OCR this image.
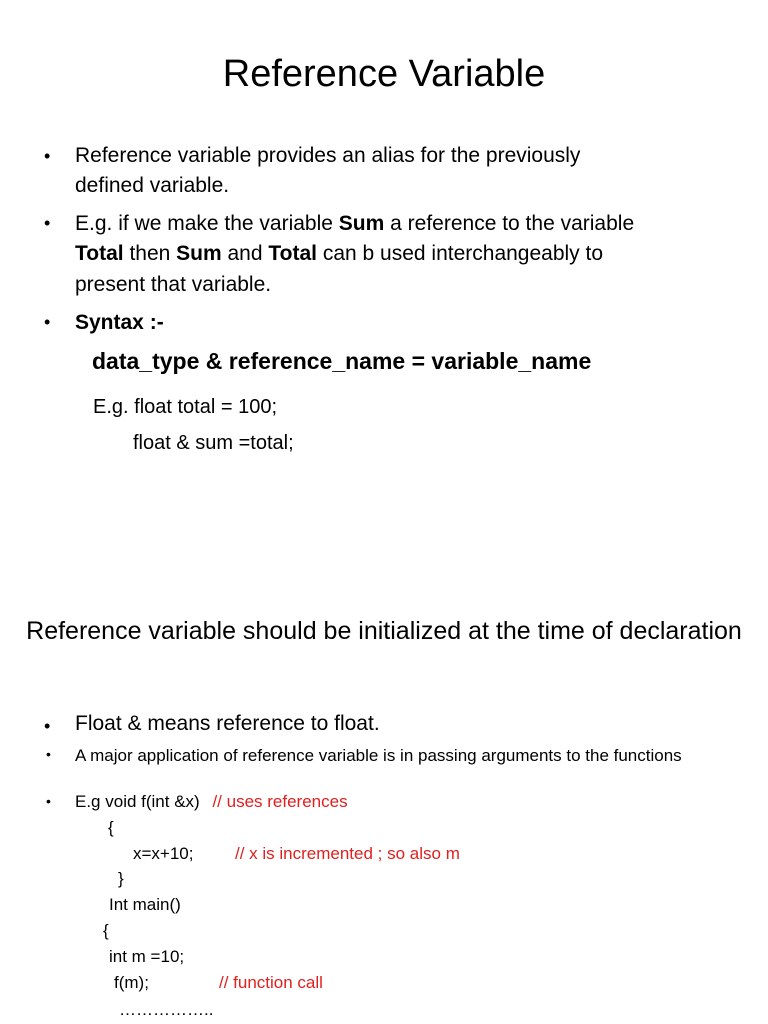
Reference Variable
• Reference variable provides an alias for the previously
defined variable.
• E.g. if we make the variable Sum a reference to the variable
Total then Sum and Total can b used interchangeably to
present that variable.
• Syntax :-
data_type & reference_name = variable_name
E.g. float total = 100;
float & sum =total;
Reference variable should be initialized at the time of declaration
• Float & means reference to float.
• A major application of reference variable is in passing arguments to the functions
• E.g void f(int &x) // uses references
{
x=x+10; // x is incremented ; so also m
}
Int main()
{
int m =10;
f(m);	// function call
……………..
